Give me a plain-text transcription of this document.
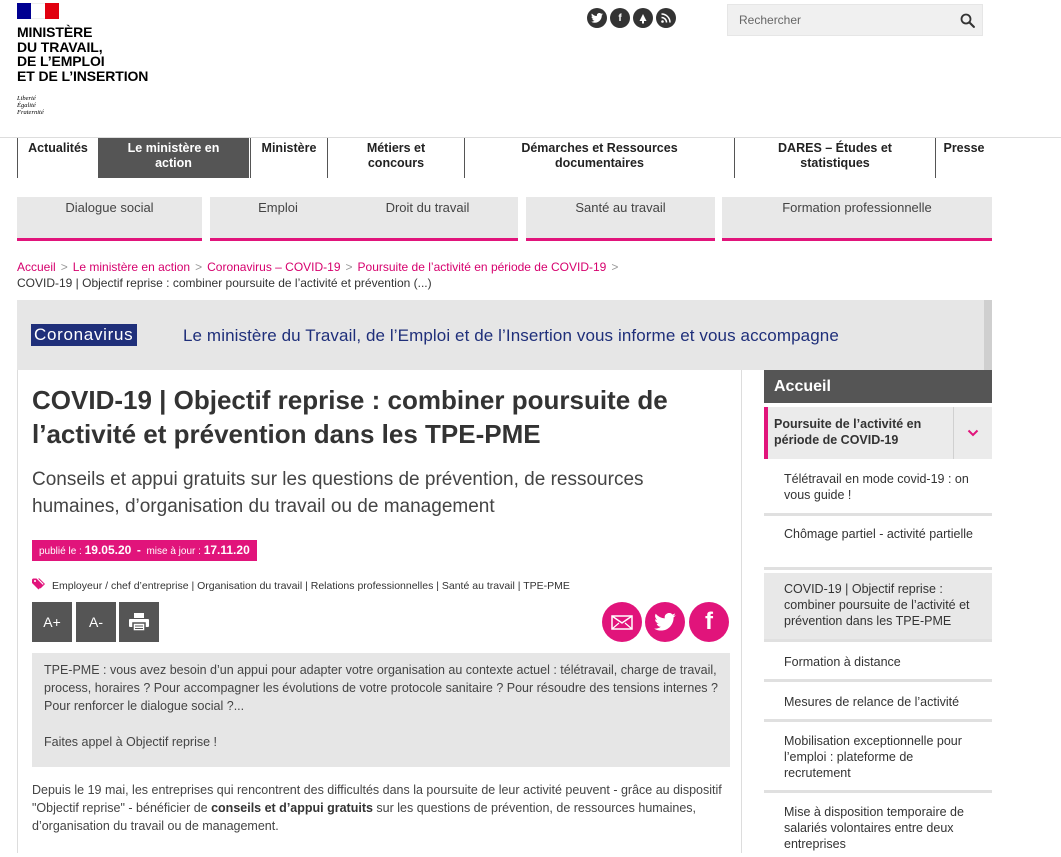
MINISTÈRE
DU TRAVAIL,
DE L’EMPLOI
ET DE L’INSERTION
Liberté
Égalité
Fraternité
f
Rechercher
Actualités	Le ministère en action
Ministère	Métiers et concours
Démarches et Ressources documentaires
DARES – Études et statistiques
Presse
Dialogue social	Emploi	Droit du travail	Santé au travail	Formation professionnelle
Accueil > Le ministère en action > Coronavirus – COVID-19 > Poursuite de l’activité en période de COVID-19 >
COVID-19 | Objectif reprise : combiner poursuite de l’activité et prévention (...)
Coronavirus	Le ministère du Travail, de l’Emploi et de l’Insertion vous informe et vous accompagne
COVID-19 | Objectif reprise : combiner poursuite de l’activité et prévention dans les TPE-PME

Conseils et appui gratuits sur les questions de prévention, de ressources humaines, d’organisation du travail ou de management

publié le : 19.05.20 - mise à jour : 17.11.20
Employeur / chef d’entreprise | Organisation du travail | Relations professionnelles | Santé au travail | TPE-PME
A+	A-	f

TPE-PME : vous avez besoin d’un appui pour adapter votre organisation au contexte actuel : télétravail, charge de travail, process, horaires ? Pour accompagner les évolutions de votre protocole sanitaire ? Pour résoudre des tensions internes ? Pour renforcer le dialogue social ?...

Faites appel à Objectif reprise !

Depuis le 19 mai, les entreprises qui rencontrent des difficultés dans la poursuite de leur activité peuvent - grâce au dispositif "Objectif reprise" - bénéficier de conseils et d’appui gratuits sur les questions de prévention, de ressources humaines, d’organisation du travail ou de management.

Accueil
Poursuite de l’activité en période de COVID-19
Télétravail en mode covid-19 : on vous guide !
Chômage partiel - activité partielle
COVID-19 | Objectif reprise : combiner poursuite de l’activité et prévention dans les TPE-PME
Formation à distance
Mesures de relance de l’activité
Mobilisation exceptionnelle pour l’emploi : plateforme de recrutement
Mise à disposition temporaire de salariés volontaires entre deux entreprises
